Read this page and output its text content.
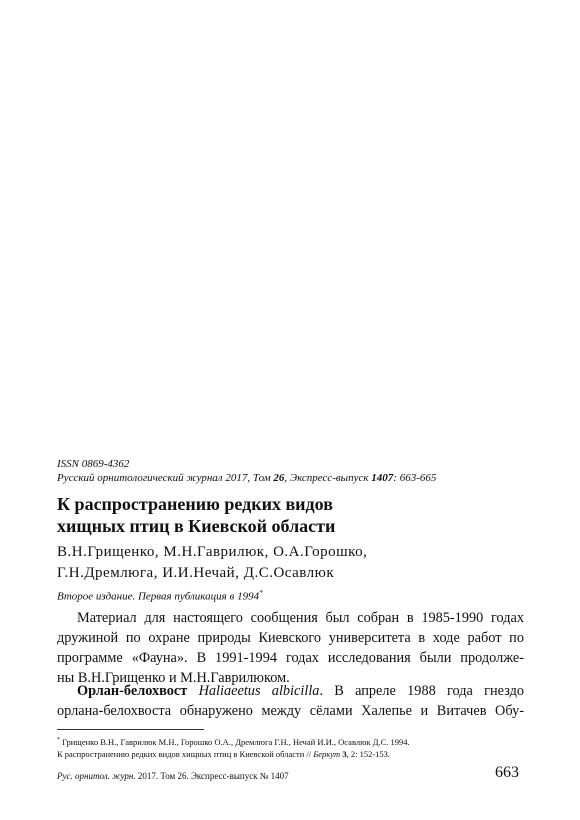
ISSN 0869-4362
Русский орнитологический журнал 2017, Том 26, Экспресс-выпуск 1407: 663-665
К распространению редких видов
хищных птиц в Киевской области
В.Н.Грищенко, М.Н.Гаврилюк, О.А.Горошко,
Г.Н.Дремлюга, И.И.Нечай, Д.С.Осавлюк
Второе издание. Первая публикация в 1994*
Материал для настоящего сообщения был собран в 1985-1990 годах
дружиной по охране природы Киевского университета в ходе работ по
программе «Фауна». В 1991-1994 годах исследования были продолже-
ны В.Н.Грищенко и М.Н.Гаврилюком.
Орлан-белохвост Haliaeetus albicilla. В апреле 1988 года гнездо
орлана-белохвоста обнаружено между сёлами Халепье и Витачев Обу-
* Грищенко В.Н., Гаврилюк М.Н., Горошко О.А., Дремлюга Г.Н., Нечай И.И., Осавлюк Д.С. 1994.
К распространению редких видов хищных птиц в Киевской области // Беркут 3, 2: 152-153.
Рус. орнитол. журн. 2017. Том 26. Экспресс-выпуск № 1407	663
